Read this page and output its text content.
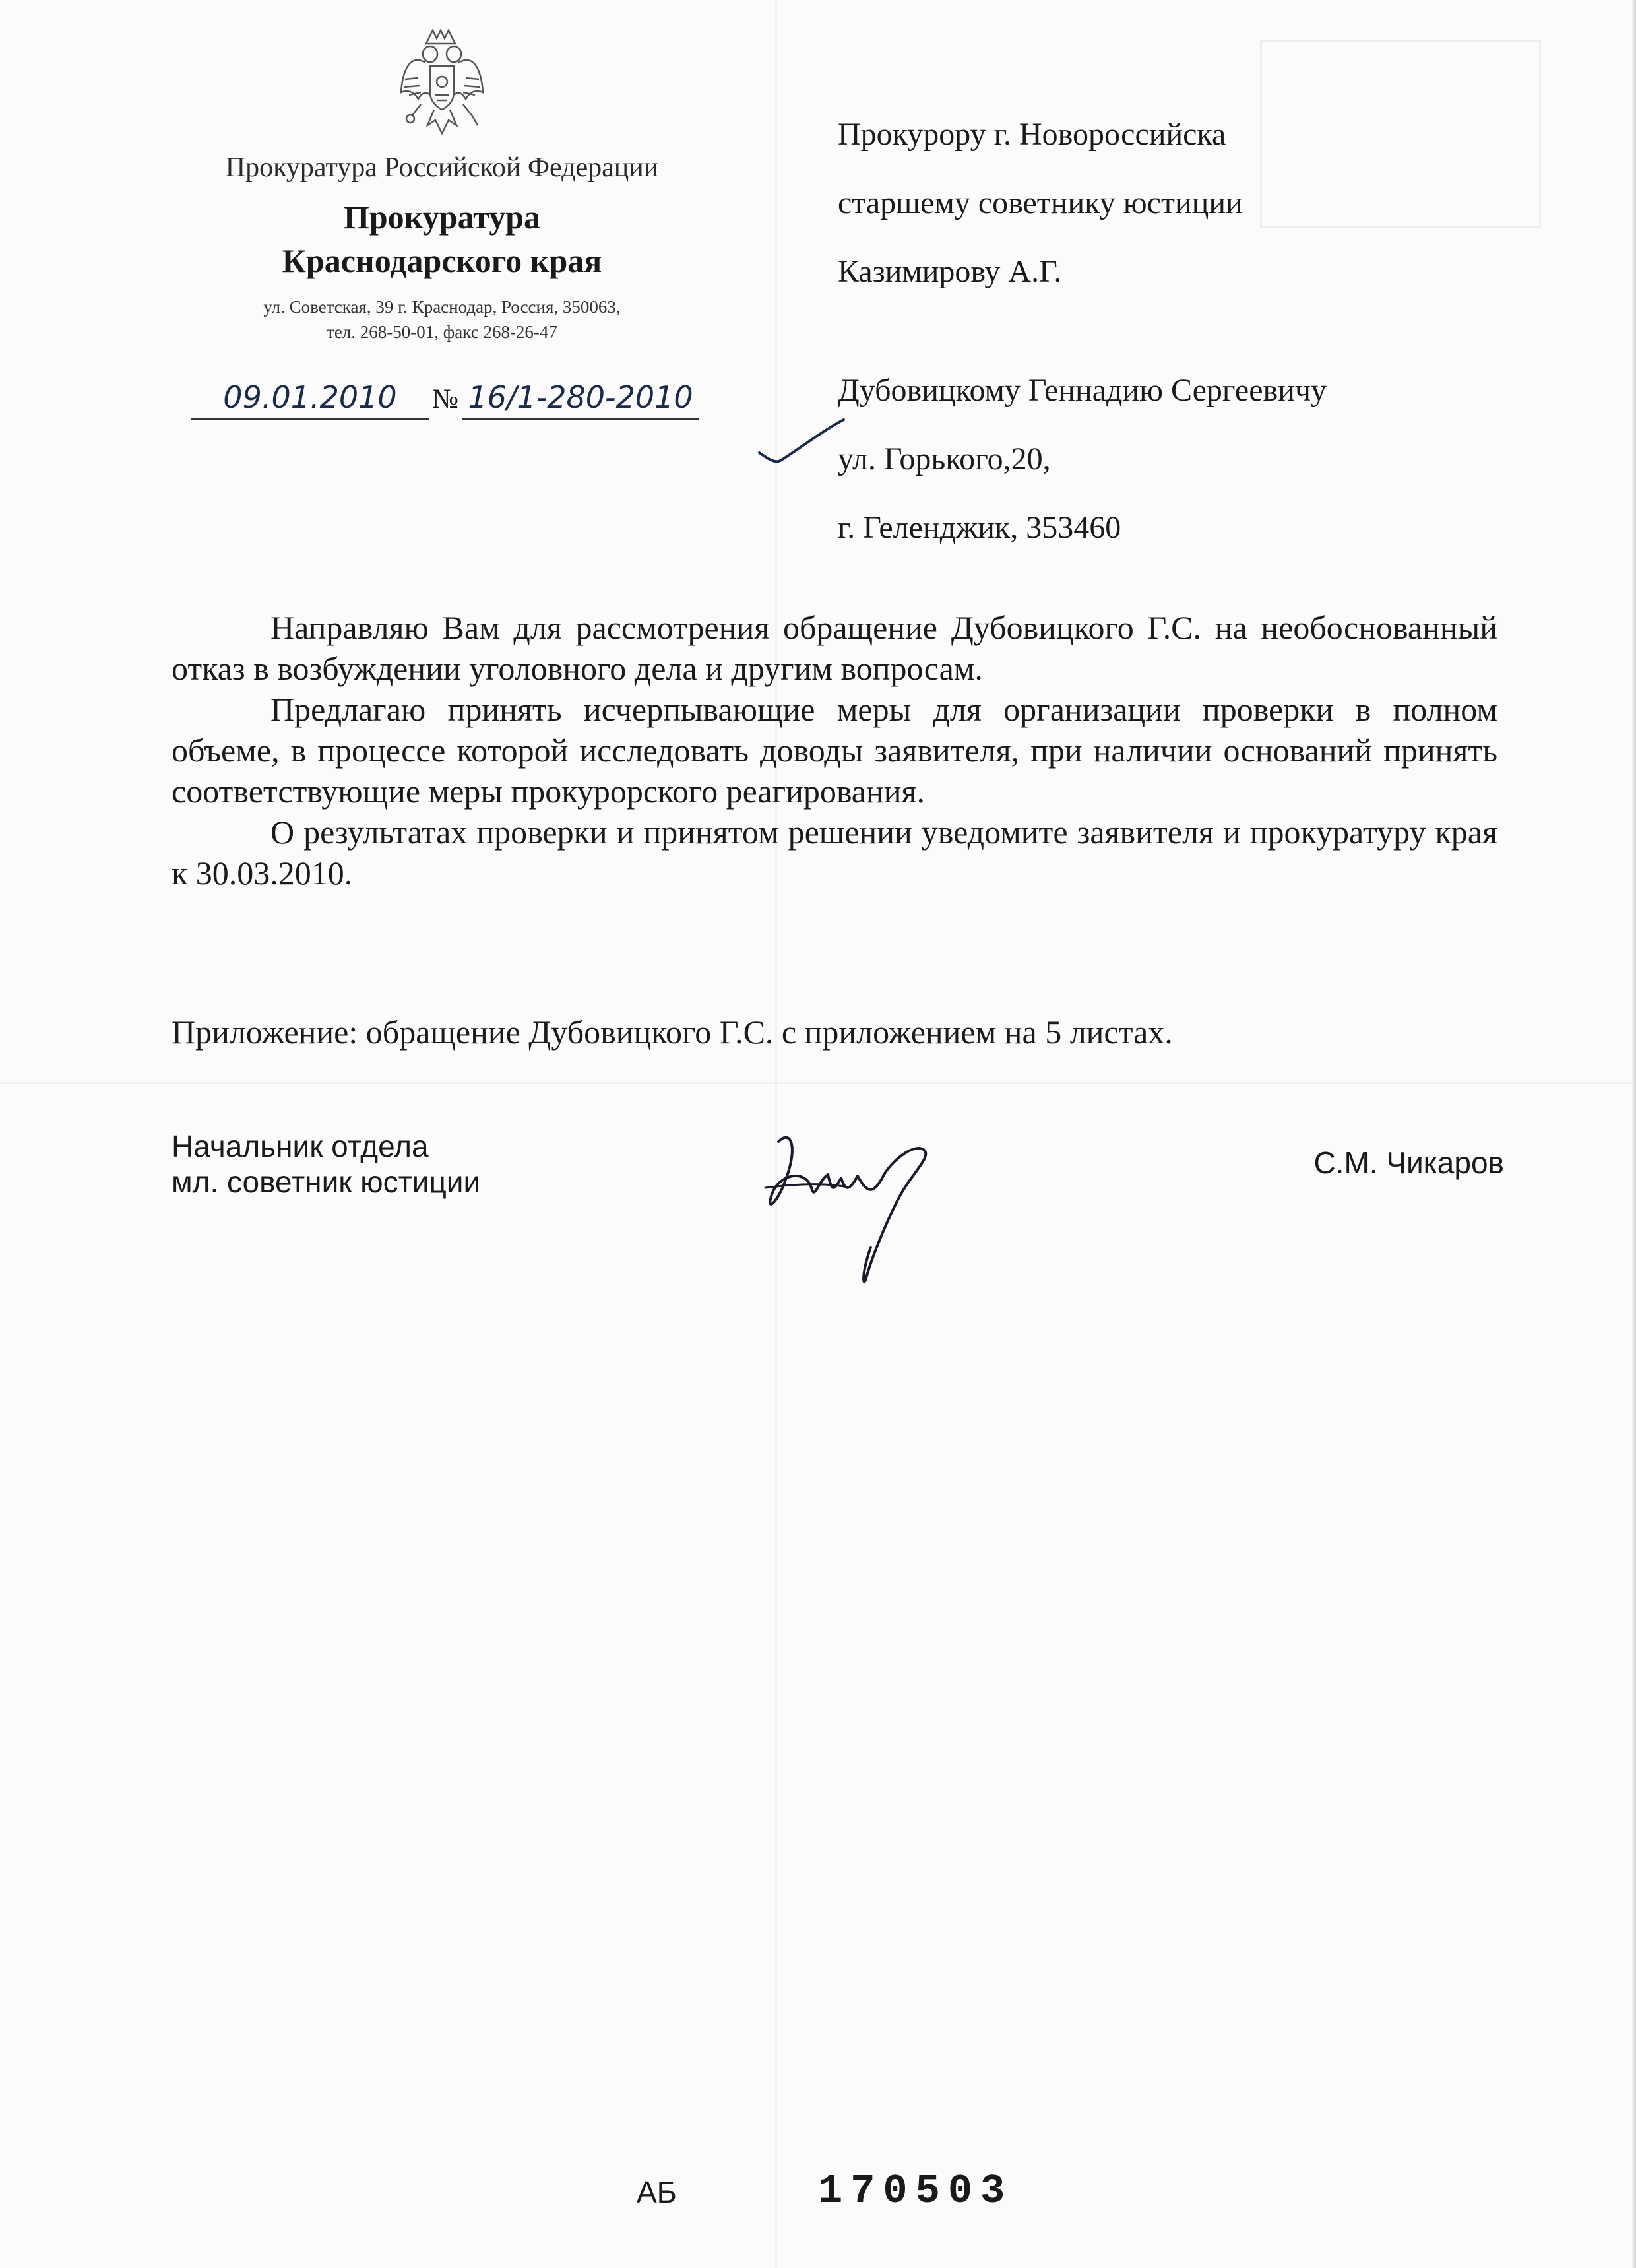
Прокуратура Российской Федерации
Прокуратура
Краснодарского края
ул. Советская, 39 г. Краснодар, Россия, 350063,
тел. 268-50-01, факс 268-26-47
09.01.2010	№ 16/1-280-2010
Прокурору г. Новороссийска
старшему советнику юстиции
Казимирову А.Г.
Дубовицкому Геннадию Сергеевичу
ул. Горького,20,
г. Геленджик, 353460

Направляю Вам для рассмотрения обращение Дубовицкого Г.С. на необоснованный отказ в возбуждении уголовного дела и другим вопросам.

Предлагаю принять исчерпывающие меры для организации проверки в полном объеме, в процессе которой исследовать доводы заявителя, при наличии оснований принять соответствующие меры прокурорского реагирования.

О результатах проверки и принятом решении уведомите заявителя и прокуратуру края к 30.03.2010.

Приложение: обращение Дубовицкого Г.С. с приложением на 5 листах.
Начальник отдела
мл. советник юстиции
С.М. Чикаров
АБ	170503
